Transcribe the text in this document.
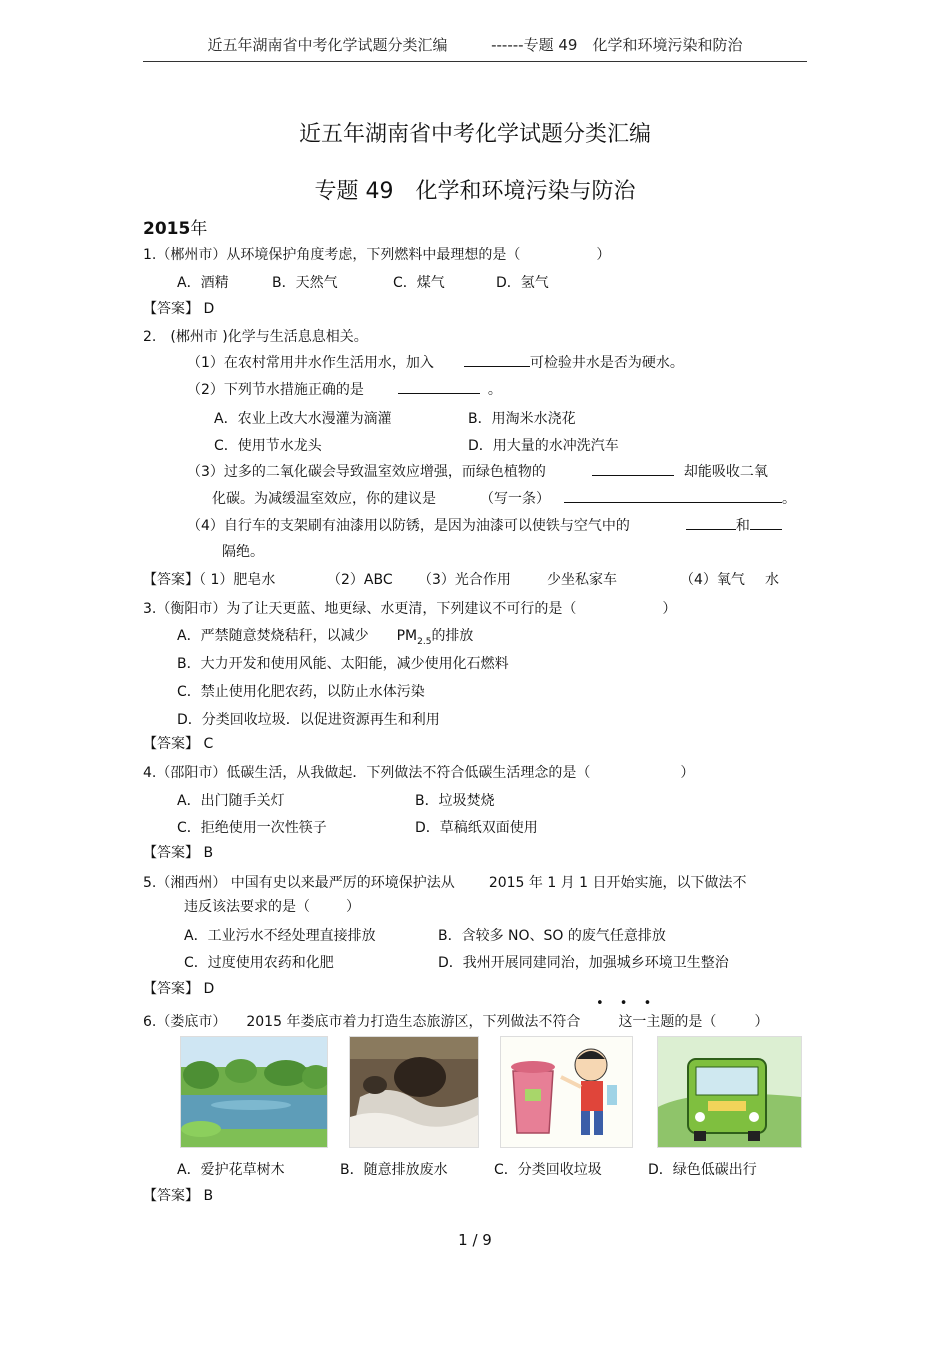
近五年湖南省中考化学试题分类汇编	------专题 49　化学和环境污染和防治
近五年湖南省中考化学试题分类汇编
专题 49　化学和环境污染与防治
2015年
1.（郴州市）从环境保护角度考虑，下列燃料中最理想的是（	）
A．酒精	B．天然气	C．煤气	D．氢气
【答案】 D
2.　(郴州市 )化学与生活息息相关。
（1）在农村常用井水作生活用水，加入	可检验井水是否为硬水。
（2）下列节水措施正确的是	。
A．农业上改大水漫灌为滴灌	B．用淘米水浇花
C．使用节水龙头	D．用大量的水冲洗汽车
（3）过多的二氧化碳会导致温室效应增强，而绿色植物的	却能吸收二氧
化碳。为减缓温室效应，你的建议是	（写一条）	。
（4）自行车的支架刷有油漆用以防锈，是因为油漆可以使铁与空气中的	和
隔绝。
【答案】（ 1）肥皂水	（2）ABC （3）光合作用	少坐私家车	（4）氧气 水
3.（衡阳市）为了让天更蓝、地更绿、水更清，下列建议不可行的是（	）
A．严禁随意焚烧秸秆，以减少 $PM_{2.5}$的排放
B．大力开发和使用风能、太阳能，减少使用化石燃料
C．禁止使用化肥农药，以防止水体污染
D．分类回收垃圾．以促进资源再生和利用
【答案】 C
4.（邵阳市）低碳生活，从我做起．下列做法不符合低碳生活理念的是（	）
A．出门随手关灯	B．垃圾焚烧
C．拒绝使用一次性筷子	D．草稿纸双面使用
【答案】 B
5.（湘西州） 中国有史以来最严厉的环境保护法从 2015 年 1 月 1 日开始实施，以下做法不
违反该法要求的是（	）
A．工业污水不经处理直接排放	B．含较多 NO、SO 的废气任意排放
C．过度使用农药和化肥	D．我州开展同建同治，加强城乡环境卫生整治
【答案】 D
• • •
6.（娄底市） 2015 年娄底市着力打造生态旅游区，下列做法不符合	这一主题的是（	）
A．爱护花草树木	B．随意排放废水	C．分类回收垃圾	D．绿色低碳出行
【答案】 B
1 / 9
